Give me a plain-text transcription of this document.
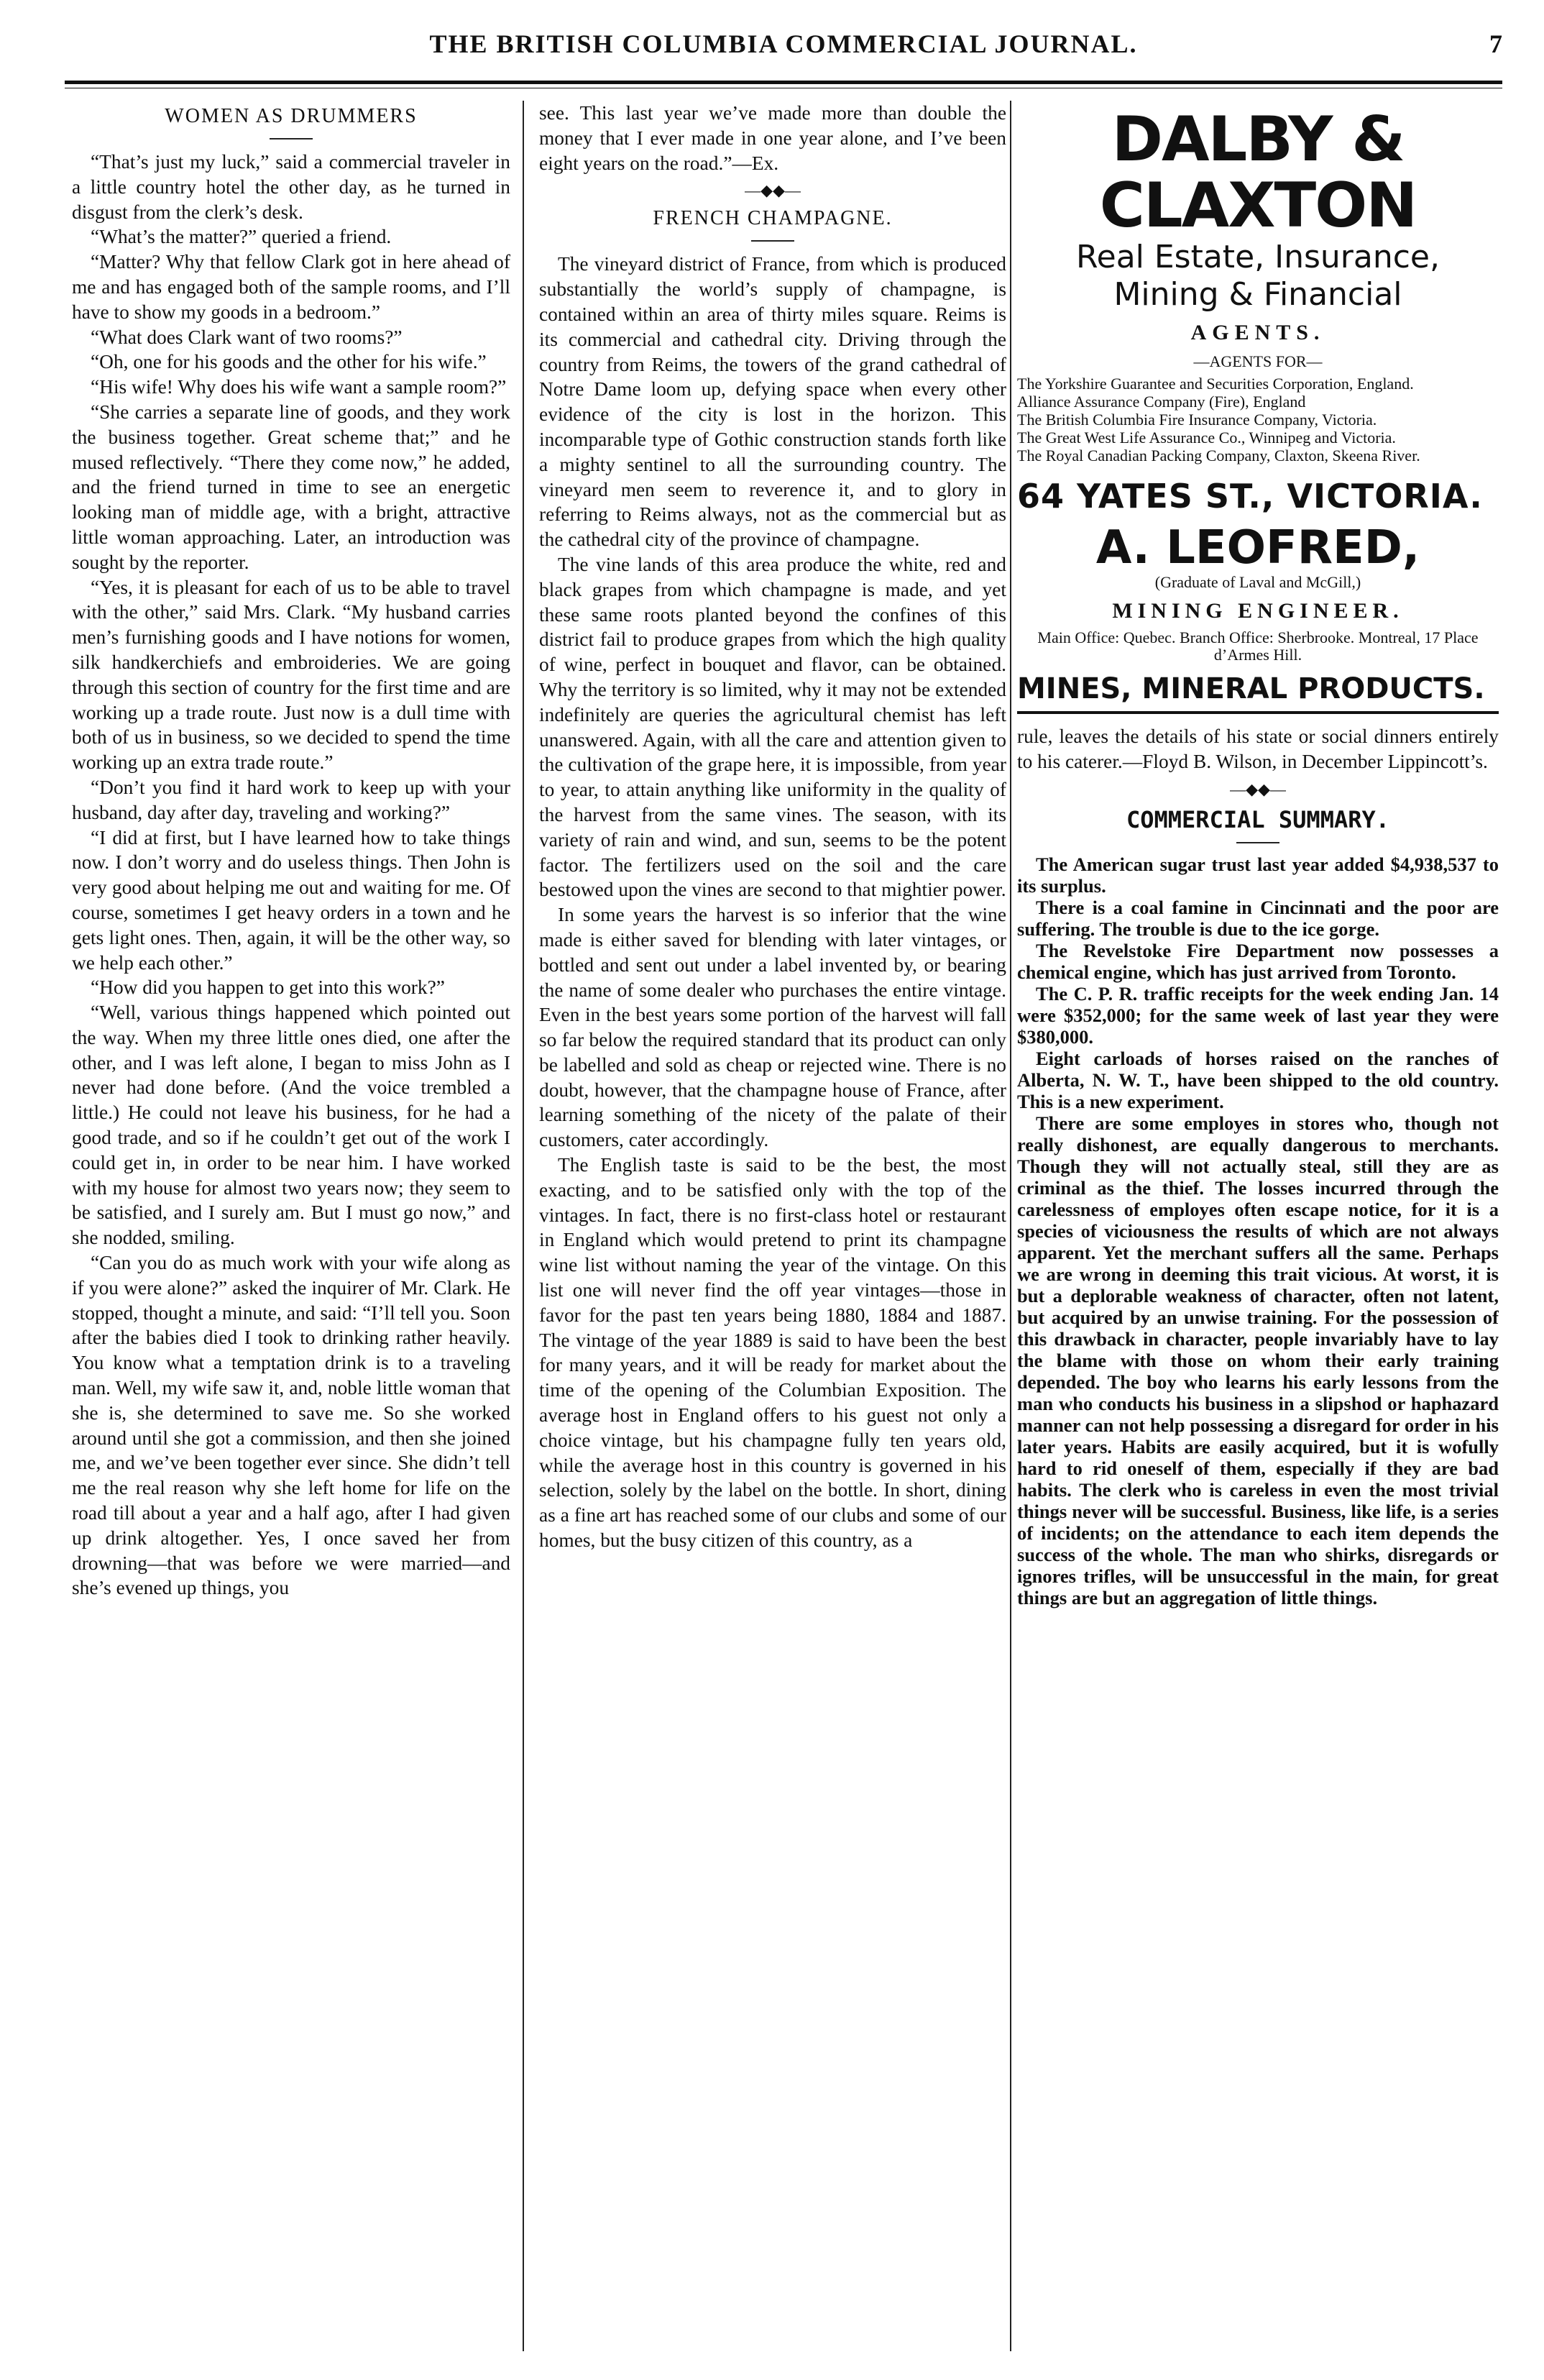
THE BRITISH COLUMBIA COMMERCIAL JOURNAL.	7
WOMEN AS DRUMMERS

“That’s just my luck,” said a commercial traveler in a little country hotel the other day, as he turned in disgust from the clerk’s desk.

“What’s the matter?” queried a friend.

“Matter? Why that fellow Clark got in here ahead of me and has engaged both of the sample rooms, and I’ll have to show my goods in a bedroom.”

“What does Clark want of two rooms?”

“Oh, one for his goods and the other for his wife.”

“His wife! Why does his wife want a sample room?”

“She carries a separate line of goods, and they work the business together. Great scheme that;” and he mused reflectively. “There they come now,” he added, and the friend turned in time to see an energetic looking man of middle age, with a bright, attractive little woman approaching. Later, an introduction was sought by the reporter.

“Yes, it is pleasant for each of us to be able to travel with the other,” said Mrs. Clark. “My husband carries men’s furnishing goods and I have notions for women, silk handkerchiefs and embroideries. We are going through this section of country for the first time and are working up a trade route. Just now is a dull time with both of us in business, so we decided to spend the time working up an extra trade route.”

“Don’t you find it hard work to keep up with your husband, day after day, traveling and working?”

“I did at first, but I have learned how to take things now. I don’t worry and do useless things. Then John is very good about helping me out and waiting for me. Of course, sometimes I get heavy orders in a town and he gets light ones. Then, again, it will be the other way, so we help each other.”

“How did you happen to get into this work?”

“Well, various things happened which pointed out the way. When my three little ones died, one after the other, and I was left alone, I began to miss John as I never had done before. (And the voice trembled a little.) He could not leave his business, for he had a good trade, and so if he couldn’t get out of the work I could get in, in order to be near him. I have worked with my house for almost two years now; they seem to be satisfied, and I surely am. But I must go now,” and she nodded, smiling.

“Can you do as much work with your wife along as if you were alone?” asked the inquirer of Mr. Clark. He stopped, thought a minute, and said: “I’ll tell you. Soon after the babies died I took to drinking rather heavily. You know what a temptation drink is to a traveling man. Well, my wife saw it, and, noble little woman that she is, she determined to save me. So she worked around until she got a commission, and then she joined me, and we’ve been together ever since. She didn’t tell me the real reason why she left home for life on the road till about a year and a half ago, after I had given up drink altogether. Yes, I once saved her from drowning—that was before we were married—and she’s evened up things, you

see. This last year we’ve made more than double the money that I ever made in one year alone, and I’ve been eight years on the road.”—Ex.

—◆◆—
FRENCH CHAMPAGNE.

The vineyard district of France, from which is produced substantially the world’s supply of champagne, is contained within an area of thirty miles square. Reims is its commercial and cathedral city. Driving through the country from Reims, the towers of the grand cathedral of Notre Dame loom up, defying space when every other evidence of the city is lost in the horizon. This incomparable type of Gothic construction stands forth like a mighty sentinel to all the surrounding country. The vineyard men seem to reverence it, and to glory in referring to Reims always, not as the commercial but as the cathedral city of the province of champagne.

The vine lands of this area produce the white, red and black grapes from which champagne is made, and yet these same roots planted beyond the confines of this district fail to produce grapes from which the high quality of wine, perfect in bouquet and flavor, can be obtained. Why the territory is so limited, why it may not be extended indefinitely are queries the agricultural chemist has left unanswered. Again, with all the care and attention given to the cultivation of the grape here, it is impossible, from year to year, to attain anything like uniformity in the quality of the harvest from the same vines. The season, with its variety of rain and wind, and sun, seems to be the potent factor. The fertilizers used on the soil and the care bestowed upon the vines are second to that mightier power.

In some years the harvest is so inferior that the wine made is either saved for blending with later vintages, or bottled and sent out under a label invented by, or bearing the name of some dealer who purchases the entire vintage. Even in the best years some portion of the harvest will fall so far below the required standard that its product can only be labelled and sold as cheap or rejected wine. There is no doubt, however, that the champagne house of France, after learning something of the nicety of the palate of their customers, cater accordingly.

The English taste is said to be the best, the most exacting, and to be satisfied only with the top of the vintages. In fact, there is no first-class hotel or restaurant in England which would pretend to print its champagne wine list without naming the year of the vintage. On this list one will never find the off year vintages—those in favor for the past ten years being 1880, 1884 and 1887. The vintage of the year 1889 is said to have been the best for many years, and it will be ready for market about the time of the opening of the Columbian Exposition. The average host in England offers to his guest not only a choice vintage, but his champagne fully ten years old, while the average host in this country is governed in his selection, solely by the label on the bottle. In short, dining as a fine art has reached some of our clubs and some of our homes, but the busy citizen of this country, as a

DALBY & CLAXTON
Real Estate, Insurance,
Mining & Financial
AGENTS.
—AGENTS FOR—
The Yorkshire Guarantee and Securities Corporation, England.
Alliance Assurance Company (Fire), England
The British Columbia Fire Insurance Company, Victoria.
The Great West Life Assurance Co., Winnipeg and Victoria.
The Royal Canadian Packing Company, Claxton, Skeena River.
64 YATES ST., VICTORIA.
A. LEOFRED,
(Graduate of Laval and McGill,)
MINING ENGINEER.
Main Office: Quebec. Branch Office: Sherbrooke. Montreal, 17 Place d’Armes Hill.
MINES, MINERAL PRODUCTS.

rule, leaves the details of his state or social dinners entirely to his caterer.—Floyd B. Wilson, in December Lippincott’s.

—◆◆—
COMMERCIAL SUMMARY.

The American sugar trust last year added $4,938,537 to its surplus.

There is a coal famine in Cincinnati and the poor are suffering. The trouble is due to the ice gorge.

The Revelstoke Fire Department now possesses a chemical engine, which has just arrived from Toronto.

The C. P. R. traffic receipts for the week ending Jan. 14 were $352,000; for the same week of last year they were $380,000.

Eight carloads of horses raised on the ranches of Alberta, N. W. T., have been shipped to the old country. This is a new experiment.

There are some employes in stores who, though not really dishonest, are equally dangerous to merchants. Though they will not actually steal, still they are as criminal as the thief. The losses incurred through the carelessness of employes often escape notice, for it is a species of viciousness the results of which are not always apparent. Yet the merchant suffers all the same. Perhaps we are wrong in deeming this trait vicious. At worst, it is but a deplorable weakness of character, often not latent, but acquired by an unwise training. For the possession of this drawback in character, people invariably have to lay the blame with those on whom their early training depended. The boy who learns his early lessons from the man who conducts his business in a slipshod or haphazard manner can not help possessing a disregard for order in his later years. Habits are easily acquired, but it is wofully hard to rid oneself of them, especially if they are bad habits. The clerk who is careless in even the most trivial things never will be successful. Business, like life, is a series of incidents; on the attendance to each item depends the success of the whole. The man who shirks, disregards or ignores trifles, will be unsuccessful in the main, for great things are but an aggregation of little things.
